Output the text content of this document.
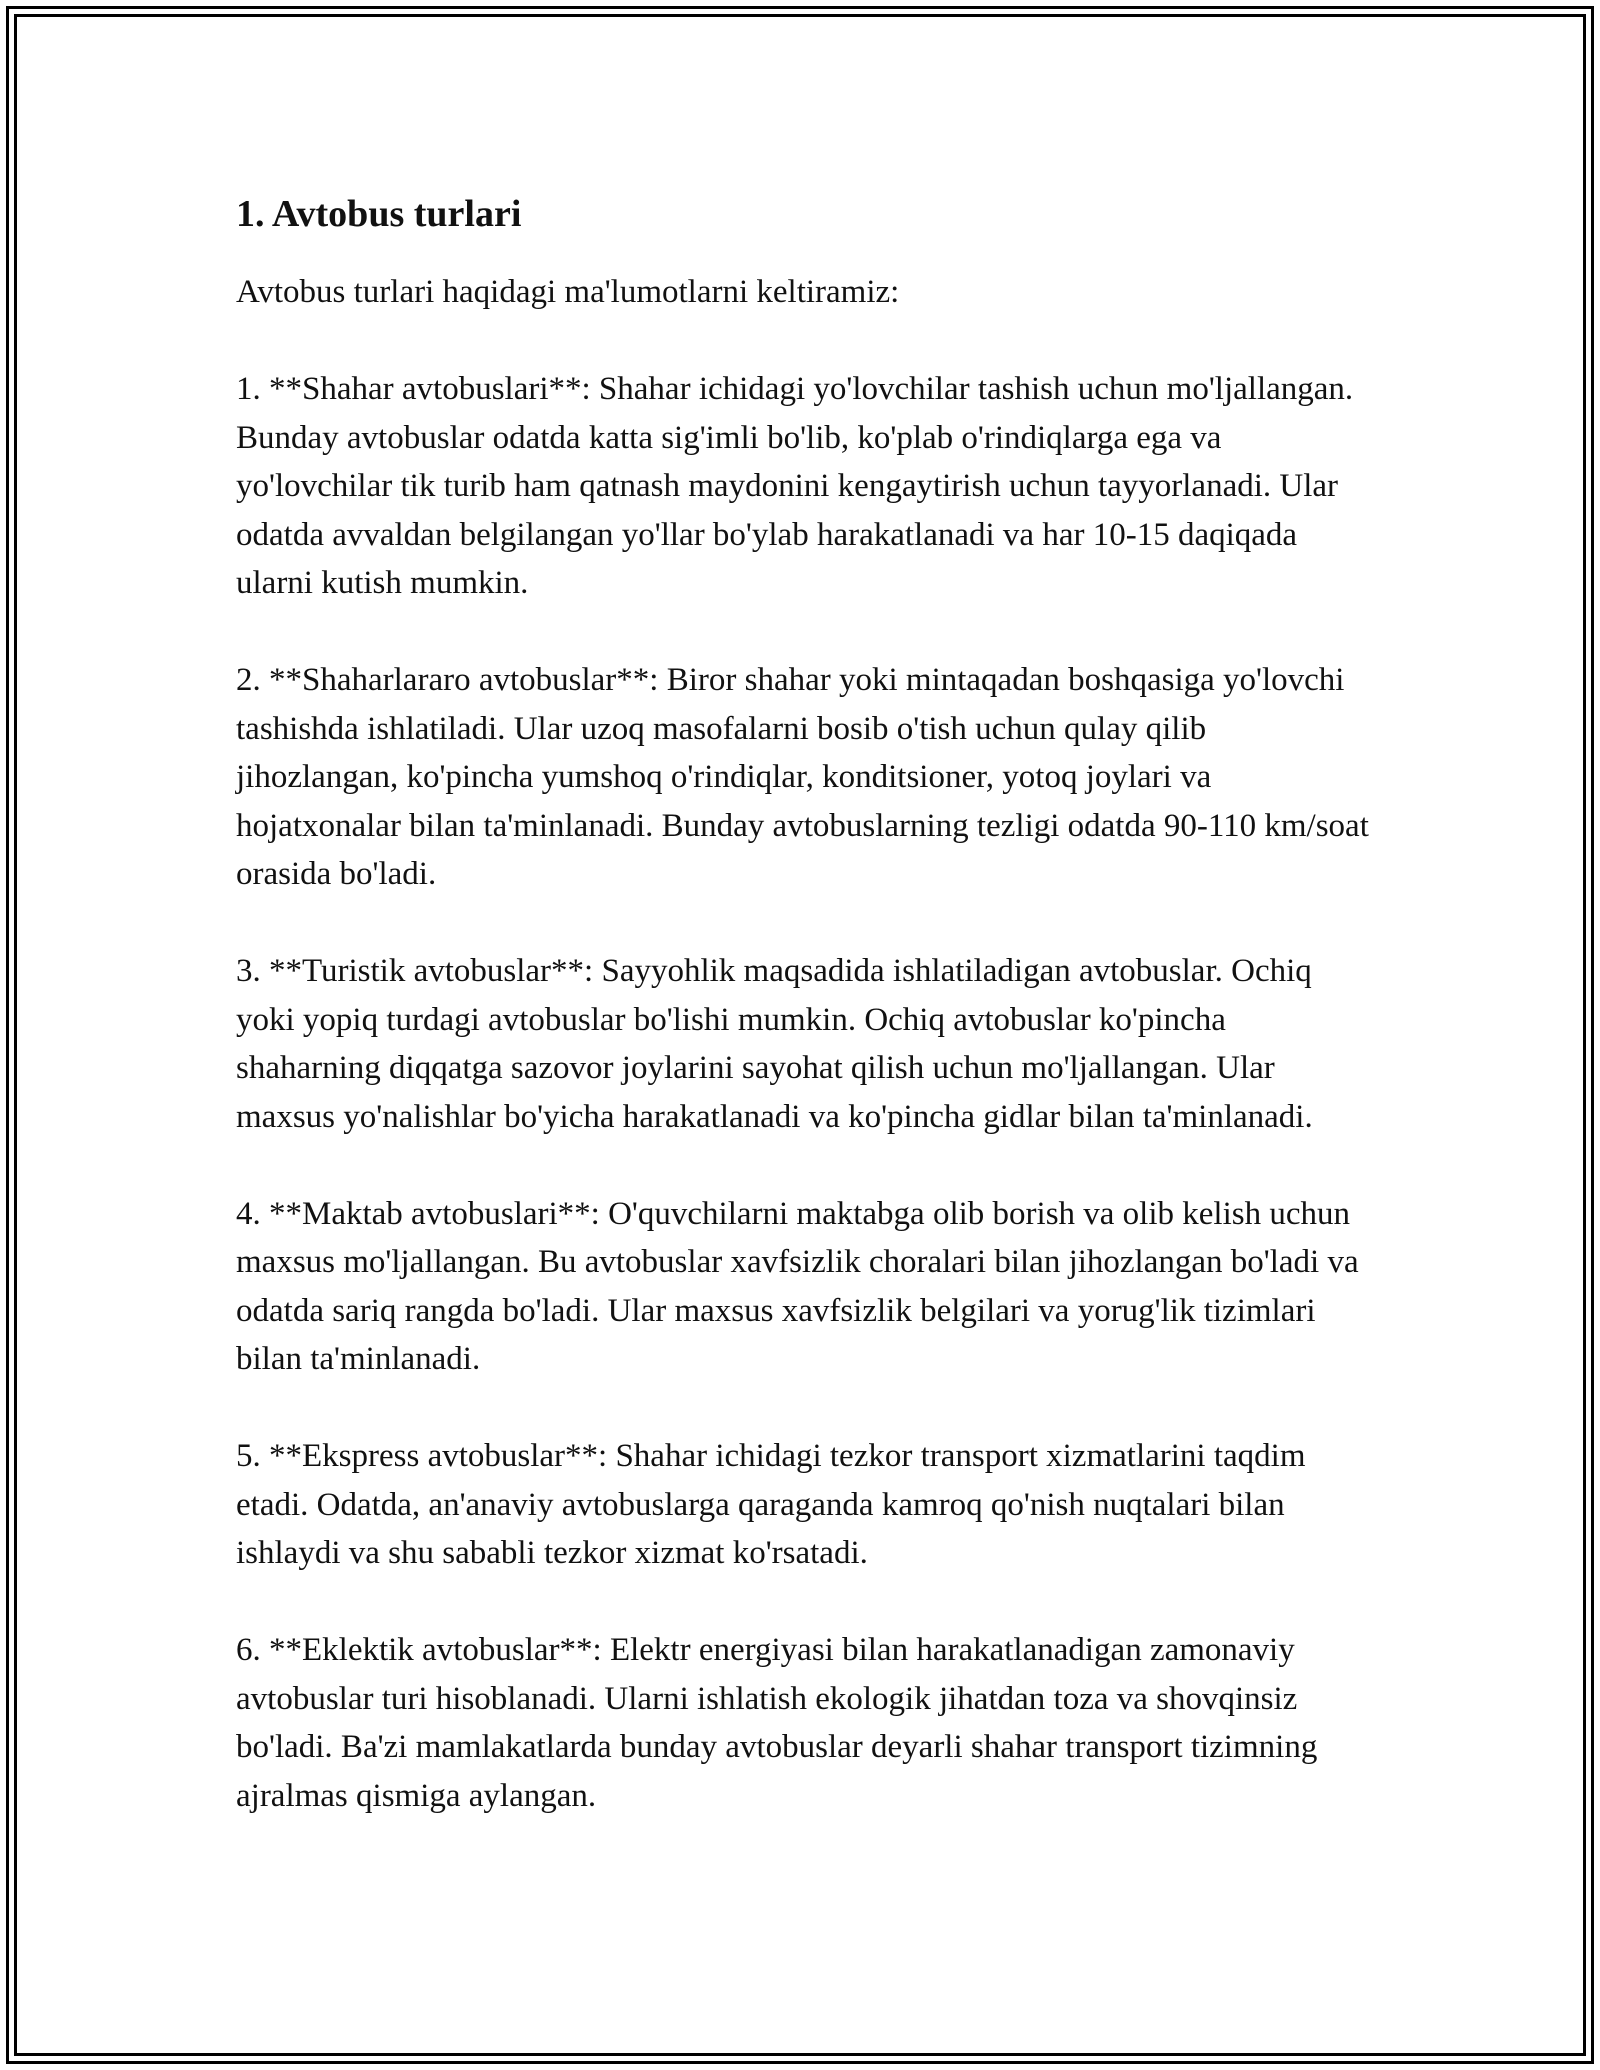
1. Avtobus turlari

Avtobus turlari haqidagi ma'lumotlarni keltiramiz:

1. **Shahar avtobuslari**: Shahar ichidagi yo'lovchilar tashish uchun mo'ljallangan. Bunday avtobuslar odatda katta sig'imli bo'lib, ko'plab o'rindiqlarga ega va yo'lovchilar tik turib ham qatnash maydonini kengaytirish uchun tayyorlanadi. Ular odatda avvaldan belgilangan yo'llar bo'ylab harakatlanadi va har 10-15 daqiqada ularni kutish mumkin.

2. **Shaharlararo avtobuslar**: Biror shahar yoki mintaqadan boshqasiga yo'lovchi tashishda ishlatiladi. Ular uzoq masofalarni bosib o'tish uchun qulay qilib jihozlangan, ko'pincha yumshoq o'rindiqlar, konditsioner, yotoq joylari va hojatxonalar bilan ta'minlanadi. Bunday avtobuslarning tezligi odatda 90-110 km/soat orasida bo'ladi.

3. **Turistik avtobuslar**: Sayyohlik maqsadida ishlatiladigan avtobuslar. Ochiq yoki yopiq turdagi avtobuslar bo'lishi mumkin. Ochiq avtobuslar ko'pincha shaharning diqqatga sazovor joylarini sayohat qilish uchun mo'ljallangan. Ular maxsus yo'nalishlar bo'yicha harakatlanadi va ko'pincha gidlar bilan ta'minlanadi.

4. **Maktab avtobuslari**: O'quvchilarni maktabga olib borish va olib kelish uchun maxsus mo'ljallangan. Bu avtobuslar xavfsizlik choralari bilan jihozlangan bo'ladi va odatda sariq rangda bo'ladi. Ular maxsus xavfsizlik belgilari va yorug'lik tizimlari bilan ta'minlanadi.

5. **Ekspress avtobuslar**: Shahar ichidagi tezkor transport xizmatlarini taqdim etadi. Odatda, an'anaviy avtobuslarga qaraganda kamroq qo'nish nuqtalari bilan ishlaydi va shu sababli tezkor xizmat ko'rsatadi.

6. **Eklektik avtobuslar**: Elektr energiyasi bilan harakatlanadigan zamonaviy avtobuslar turi hisoblanadi. Ularni ishlatish ekologik jihatdan toza va shovqinsiz bo'ladi. Ba'zi mamlakatlarda bunday avtobuslar deyarli shahar transport tizimning ajralmas qismiga aylangan.
